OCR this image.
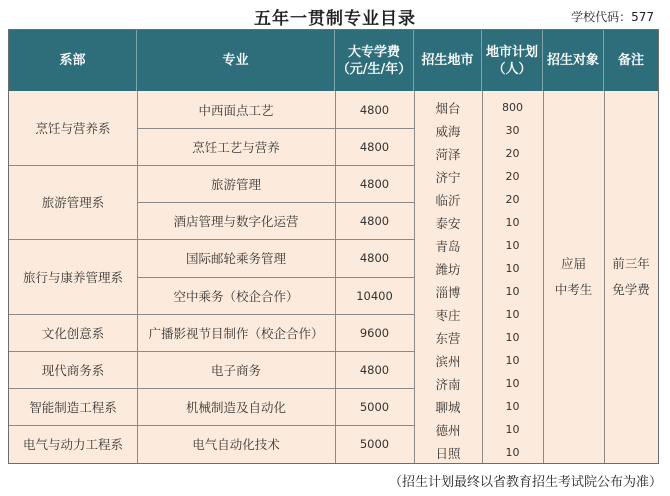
五年一贯制专业目录	学校代码：577
系部	专业
大专学费
（元/生/年）
招生地市
地市计划
（人）
招生对象 备注
烹饪与营养系
旅游管理系
旅行与康养管理系
文化创意系
现代商务系
智能制造工程系
电气与动力工程系
中西面点工艺
烹饪工艺与营养
旅游管理
酒店管理与数字化运营
国际邮轮乘务管理
空中乘务（校企合作）
广播影视节目制作（校企合作）
电子商务
机械制造及自动化
电气自动化技术
4800
4800
4800
4800
4800
10400
9600
4800
5000
5000
烟台
威海
菏泽
济宁
临沂
泰安
青岛
潍坊
淄博
枣庄
东营
滨州
济南
聊城
德州
日照
800
30
20
20
20
10
10
10
10
10
10
10
10
10
10
10
应届
中考生
前三年
免学费
（招生计划最终以省教育招生考试院公布为准）
